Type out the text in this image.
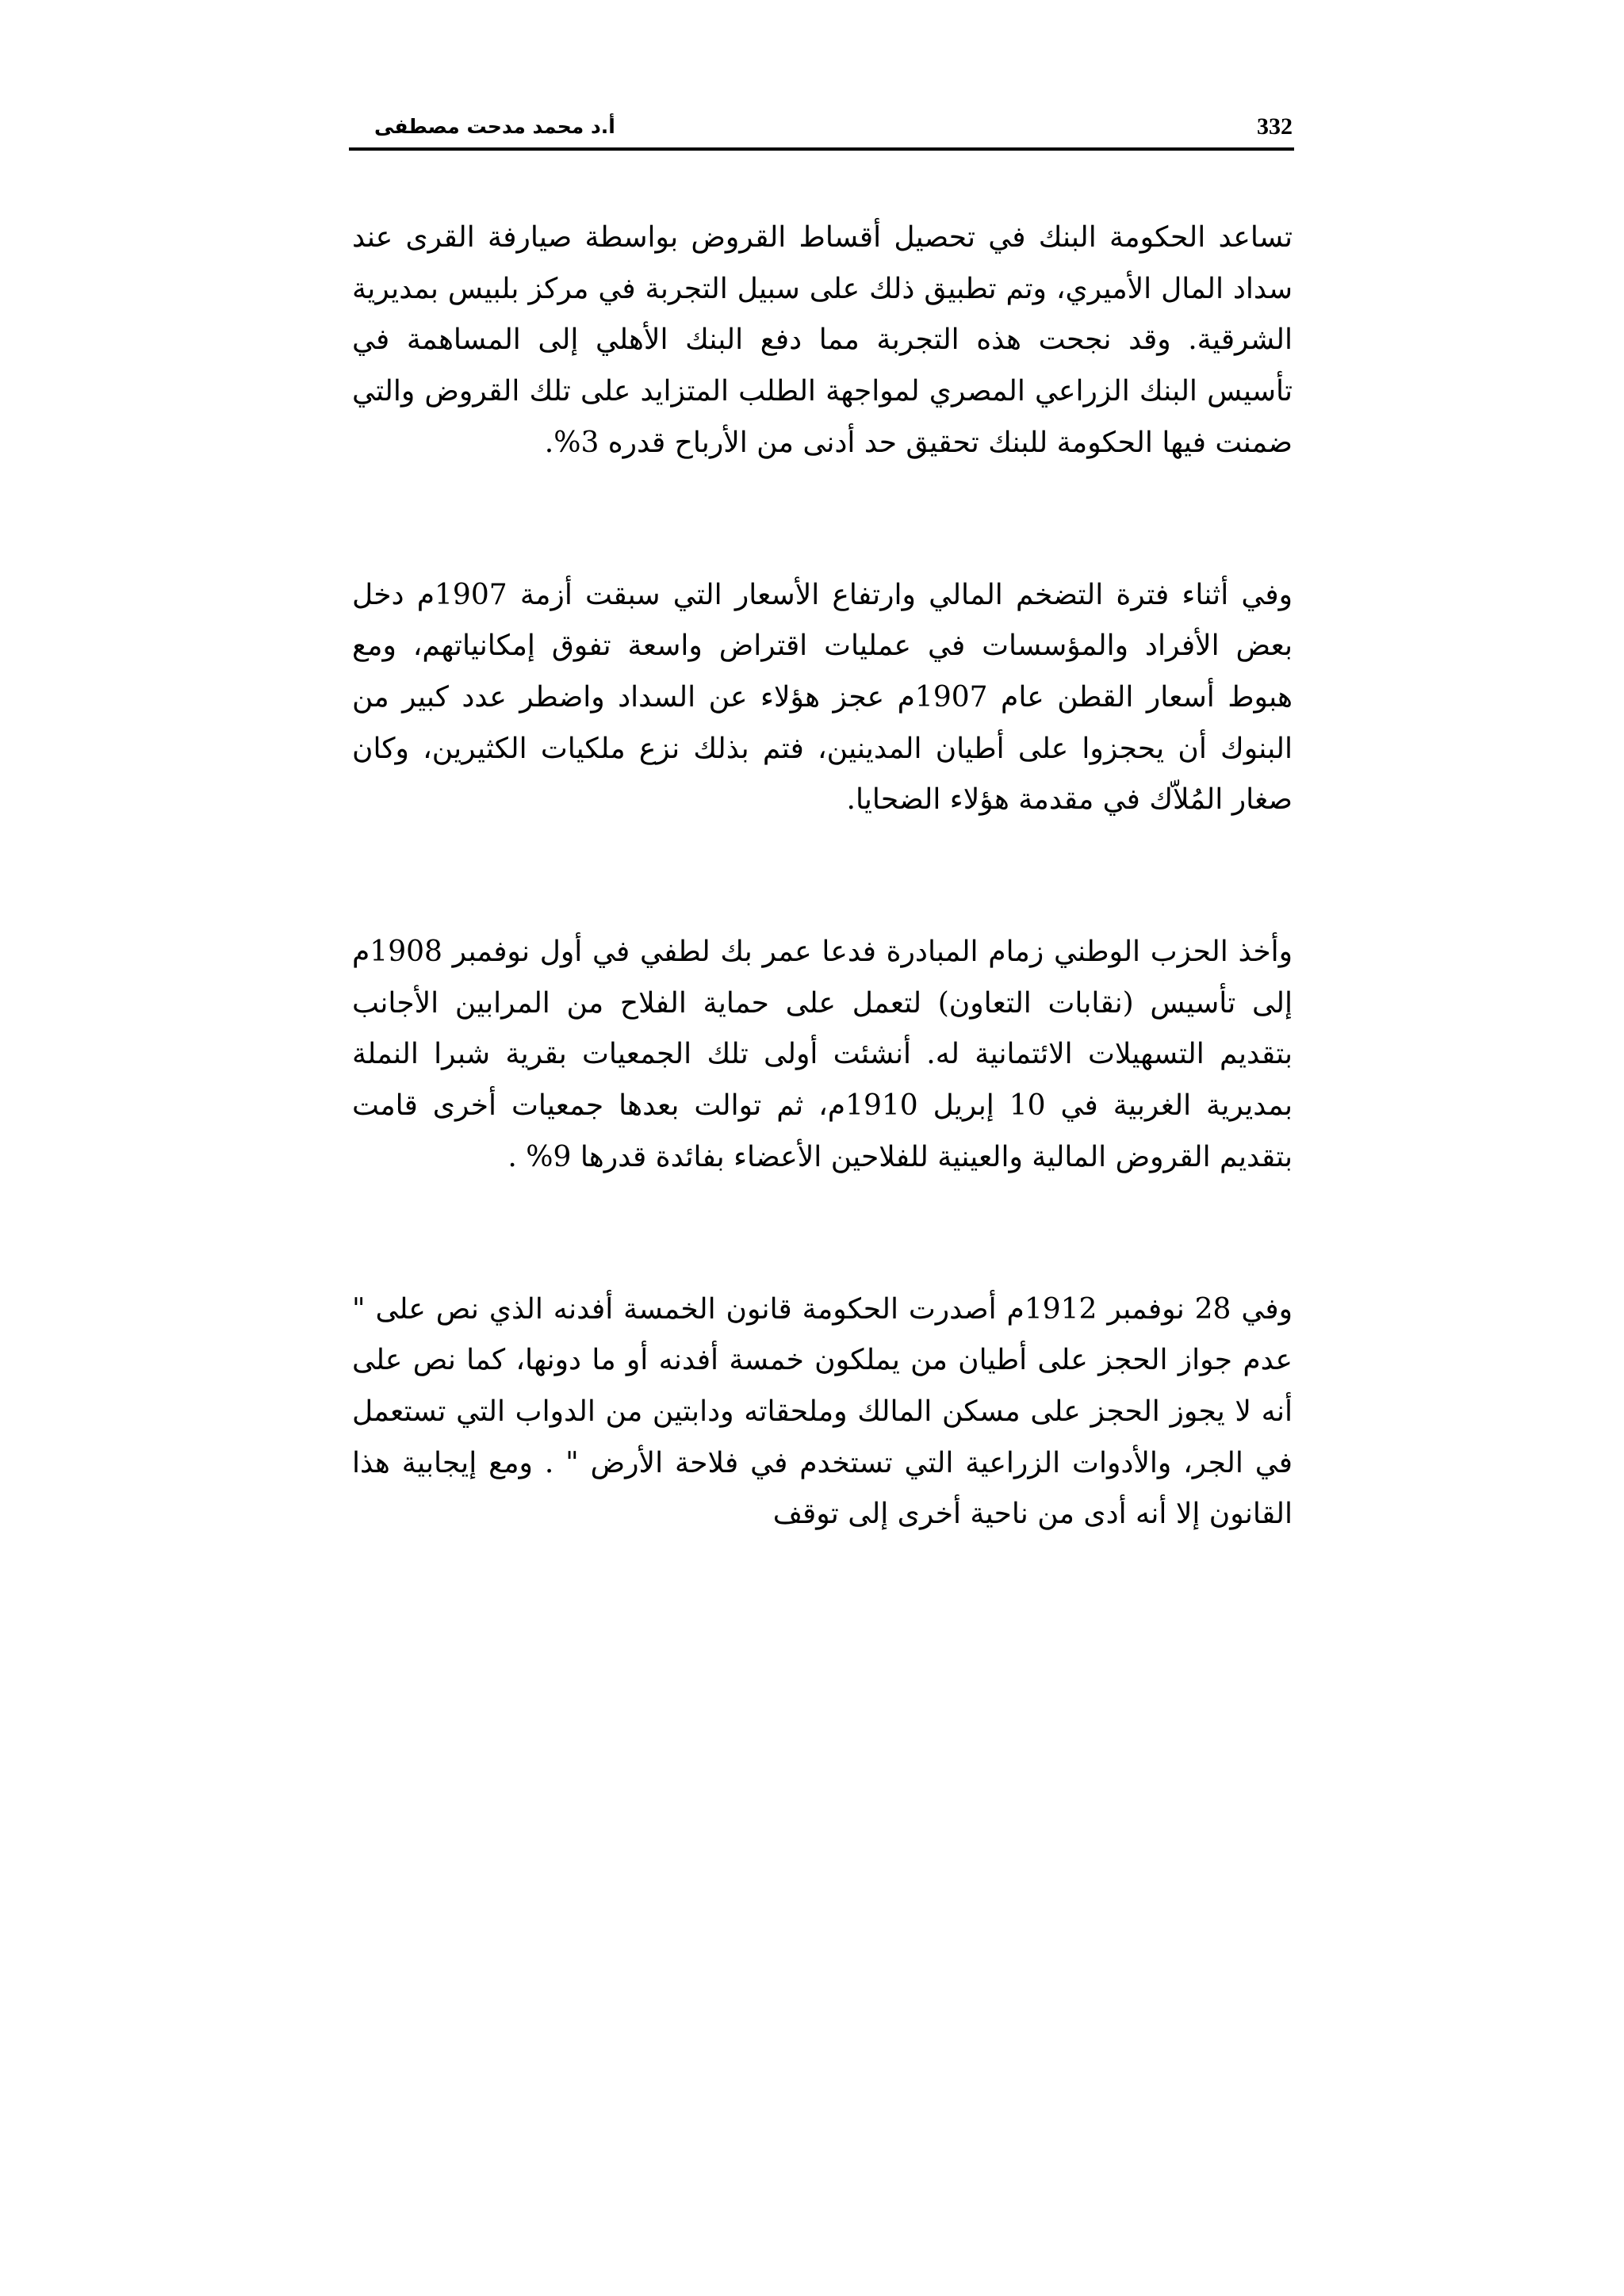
أ.د محمد مدحت مصطفى	332

تساعد الحكومة البنك في تحصيل أقساط القروض بواسطة صيارفة القرى عند سداد المال الأميري، وتم تطبيق ذلك على سبيل التجربة في مركز بلبيس بمديرية الشرقية. وقد نجحت هذه التجربة مما دفع البنك الأهلي إلى المساهمة في تأسيس البنك الزراعي المصري لمواجهة الطلب المتزايد على تلك القروض والتي ضمنت فيها الحكومة للبنك تحقيق حد أدنى من الأرباح قدره 3%.

وفي أثناء فترة التضخم المالي وارتفاع الأسعار التي سبقت أزمة 1907م دخل بعض الأفراد والمؤسسات في عمليات اقتراض واسعة تفوق إمكانياتهم، ومع هبوط أسعار القطن عام 1907م عجز هؤلاء عن السداد واضطر عدد كبير من البنوك أن يحجزوا على أطيان المدينين، فتم بذلك نزع ملكيات الكثيرين، وكان صغار المُلاّك في مقدمة هؤلاء الضحايا.

وأخذ الحزب الوطني زمام المبادرة فدعا عمر بك لطفي في أول نوفمبر 1908م إلى تأسيس (نقابات التعاون) لتعمل على حماية الفلاح من المرابين الأجانب بتقديم التسهيلات الائتمانية له. أنشئت أولى تلك الجمعيات بقرية شبرا النملة بمديرية الغربية في 10 إبريل 1910م، ثم توالت بعدها جمعيات أخرى قامت بتقديم القروض المالية والعينية للفلاحين الأعضاء بفائدة قدرها 9% .

وفي 28 نوفمبر 1912م أصدرت الحكومة قانون الخمسة أفدنه الذي نص على " عدم جواز الحجز على أطيان من يملكون خمسة أفدنه أو ما دونها، كما نص على أنه لا يجوز الحجز على مسكن المالك وملحقاته ودابتين من الدواب التي تستعمل في الجر، والأدوات الزراعية التي تستخدم في فلاحة الأرض " . ومع إيجابية هذا القانون إلا أنه أدى من ناحية أخرى إلى توقف
